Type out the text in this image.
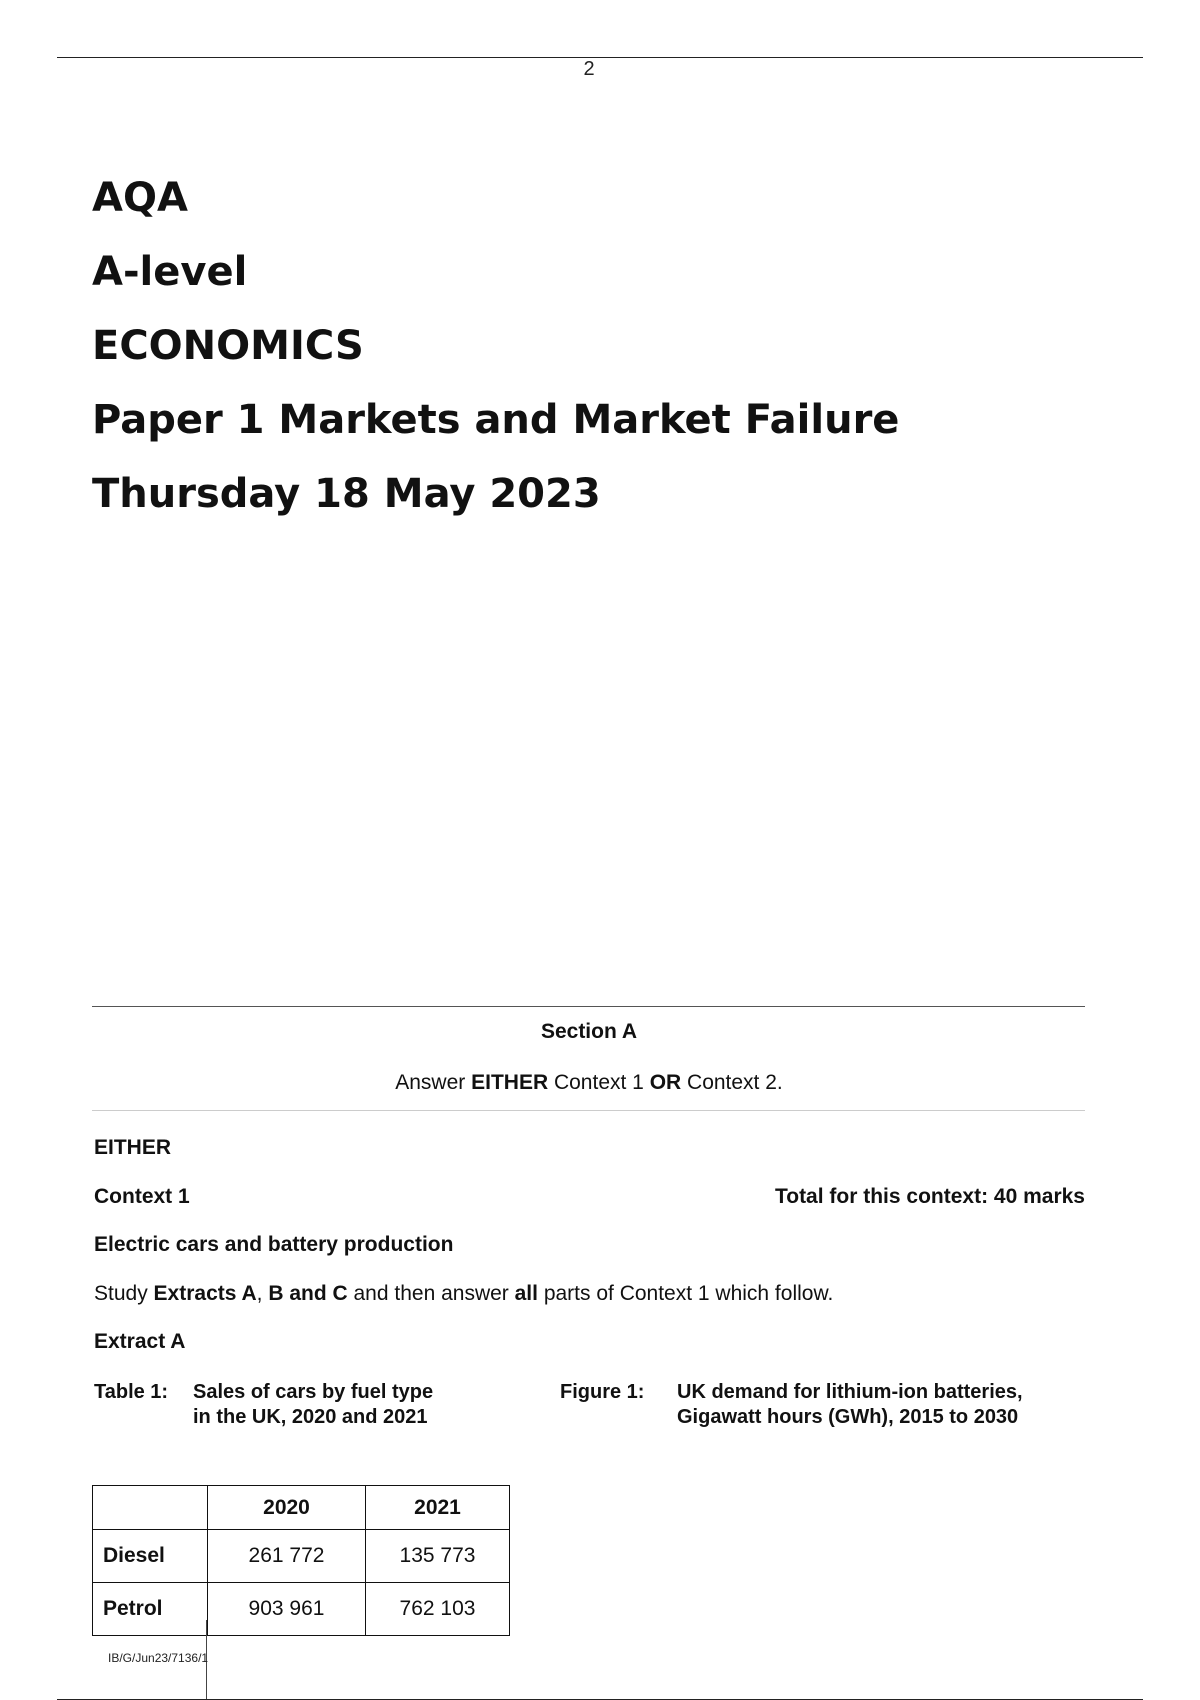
2
AQA
A-level
ECONOMICS
Paper 1 Markets and Market Failure
Thursday 18 May 2023
Section A
Answer EITHER Context 1 OR Context 2.
EITHER
Context 1	Total for this context: 40 marks
Electric cars and battery production
Study Extracts A, B and C and then answer all parts of Context 1 which follow.
Extract A
Table 1: Sales of cars by fuel type
in the UK, 2020 and 2021
Figure 1: UK demand for lithium-ion batteries,
Gigawatt hours (GWh), 2015 to 2030
	2020	2021
Diesel	261 772	135 773
Petrol	903 961	762 103
IB/G/Jun23/7136/1
